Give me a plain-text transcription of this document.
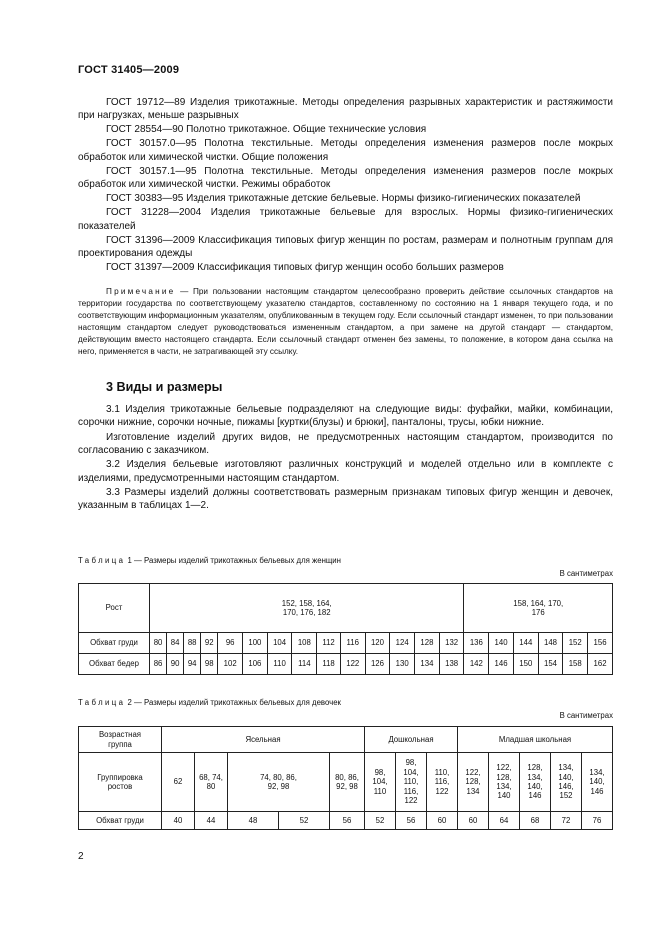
ГОСТ 31405—2009

ГОСТ 19712—89 Изделия трикотажные. Методы определения разрывных характеристик и растяжимости при нагрузках, меньше разрывных

ГОСТ 28554—90 Полотно трикотажное. Общие технические условия

ГОСТ 30157.0—95 Полотна текстильные. Методы определения изменения размеров после мокрых обработок или химической чистки. Общие положения

ГОСТ 30157.1—95 Полотна текстильные. Методы определения изменения размеров после мокрых обработок или химической чистки. Режимы обработок

ГОСТ 30383—95 Изделия трикотажные детские бельевые. Нормы физико-гигиенических показателей

ГОСТ 31228—2004 Изделия трикотажные бельевые для взрослых. Нормы физико-гигиенических показателей

ГОСТ 31396—2009 Классификация типовых фигур женщин по ростам, размерам и полнотным группам для проектирования одежды

ГОСТ 31397—2009 Классификация типовых фигур женщин особо больших размеров

Примечание — При пользовании настоящим стандартом целесообразно проверить действие ссылочных стандартов на территории государства по соответствующему указателю стандартов, составленному по состоянию на 1 января текущего года, и по соответствующим информационным указателям, опубликованным в текущем году. Если ссылочный стандарт изменен, то при пользовании настоящим стандартом следует руководствоваться измененным стандартом, а при замене на другой стандарт — стандартом, действующим вместо настоящего стандарта. Если ссылочный стандарт отменен без замены, то положение, в котором дана ссылка на него, применяется в части, не затрагивающей эту ссылку.

3 Виды и размеры

3.1 Изделия трикотажные бельевые подразделяют на следующие виды: фуфайки, майки, комбинации, сорочки нижние, сорочки ночные, пижамы [куртки(блузы) и брюки], панталоны, трусы, юбки нижние.

Изготовление изделий других видов, не предусмотренных настоящим стандартом, производится по согласованию с заказчиком.

3.2 Изделия бельевые изготовляют различных конструкций и моделей отдельно или в комплекте с изделиями, предусмотренными настоящим стандартом.

3.3 Размеры изделий должны соответствовать размерным признакам типовых фигур женщин и девочек, указанным в таблицах 1—2.

Таблица 1 — Размеры изделий трикотажных бельевых для женщин
В сантиметрах
Рост	152, 158, 164, 170, 176, 182														158, 164, 170, 176					

Обхват груди	80	84	88	92	96	100	104	108	112	116	120	124	128	132	136	140	144	148	152	156
Обхват бедер	86	90	94	98	102	106	110	114	118	122	126	130	134	138	142	146	150	154	158	162
Таблица 2 — Размеры изделий трикотажных бельевых для девочек
В сантиметрах
Возрастная группа	Ясельная					Дошкольная			Младшая школьная				

Группировка ростов	62	68, 74, 80	74, 80, 86, 92, 98		80, 86, 92, 98	98, 104, 110	98, 104, 110, 116, 122	110, 116, 122	122, 128, 134	122, 128, 134, 140	128, 134, 140, 146	134, 140, 146, 152	134, 140, 146

Обхват груди	40	44	48	52	56	52	56	60	60	64	68	72	76
2
